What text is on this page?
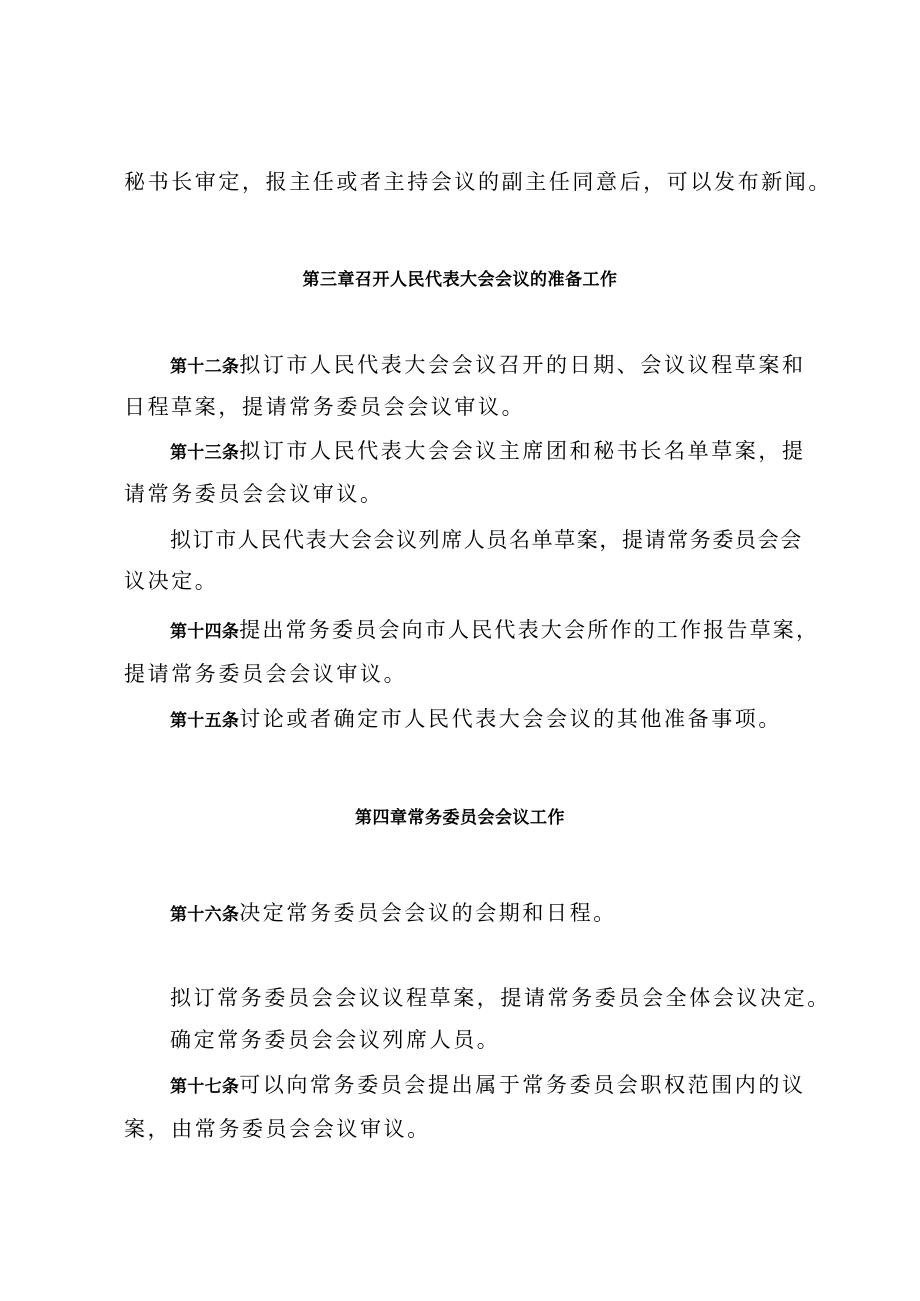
秘书长审定，报主任或者主持会议的副主任同意后，可以发布新闻。

第三章召开人民代表大会会议的准备工作

第十二条拟订市人民代表大会会议召开的日期、会议议程草案和

日程草案，提请常务委员会会议审议。

第十三条拟订市人民代表大会会议主席团和秘书长名单草案，提

请常务委员会会议审议。

拟订市人民代表大会会议列席人员名单草案，提请常务委员会会

议决定。

第十四条提出常务委员会向市人民代表大会所作的工作报告草案，

提请常务委员会会议审议。

第十五条讨论或者确定市人民代表大会会议的其他准备事项。

第四章常务委员会会议工作

第十六条决定常务委员会会议的会期和日程。

拟订常务委员会会议议程草案，提请常务委员会全体会议决定。

确定常务委员会会议列席人员。

第十七条可以向常务委员会提出属于常务委员会职权范围内的议

案，由常务委员会会议审议。
